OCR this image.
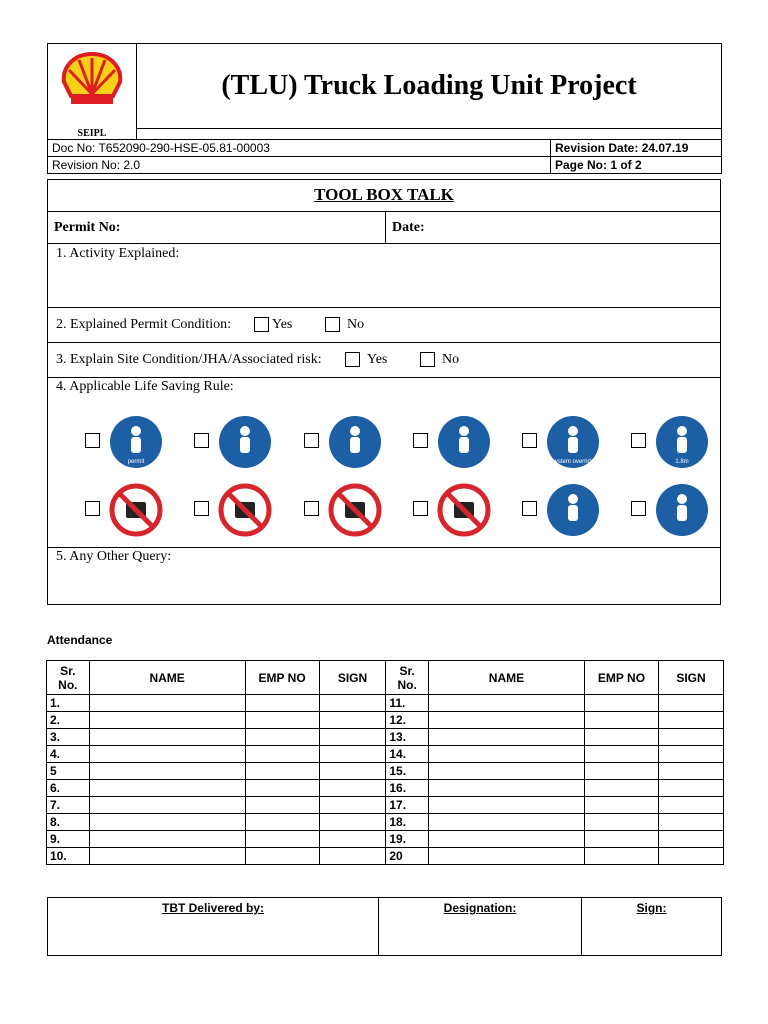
	(TLU) Truck Loading Unit Project	
SEIPL		
Doc No: T652090-290-HSE-05.81-00003		Revision Date: 24.07.19
Revision No: 2.0		Page No: 1 of 2
TOOL BOX TALK
Permit No:	Date:
1. Activity Explained:
2. Explained Permit Condition:	Yes	No
3. Explain Site Condition/JHA/Associated risk:	Yes	No
4. Applicable Life Saving Rule:
permit	system override	1.8m
5. Any Other Query:
Attendance
Sr. No.	NAME	EMP NO	SIGN	Sr. No.	NAME	EMP NO	SIGN
1.				11.			
2.				12.			
3.				13.			
4.				14.			
5				15.			
6.				16.			
7.				17.			
8.				18.			
9.				19.			
10.				20			
TBT Delivered by:	Designation:	Sign:
